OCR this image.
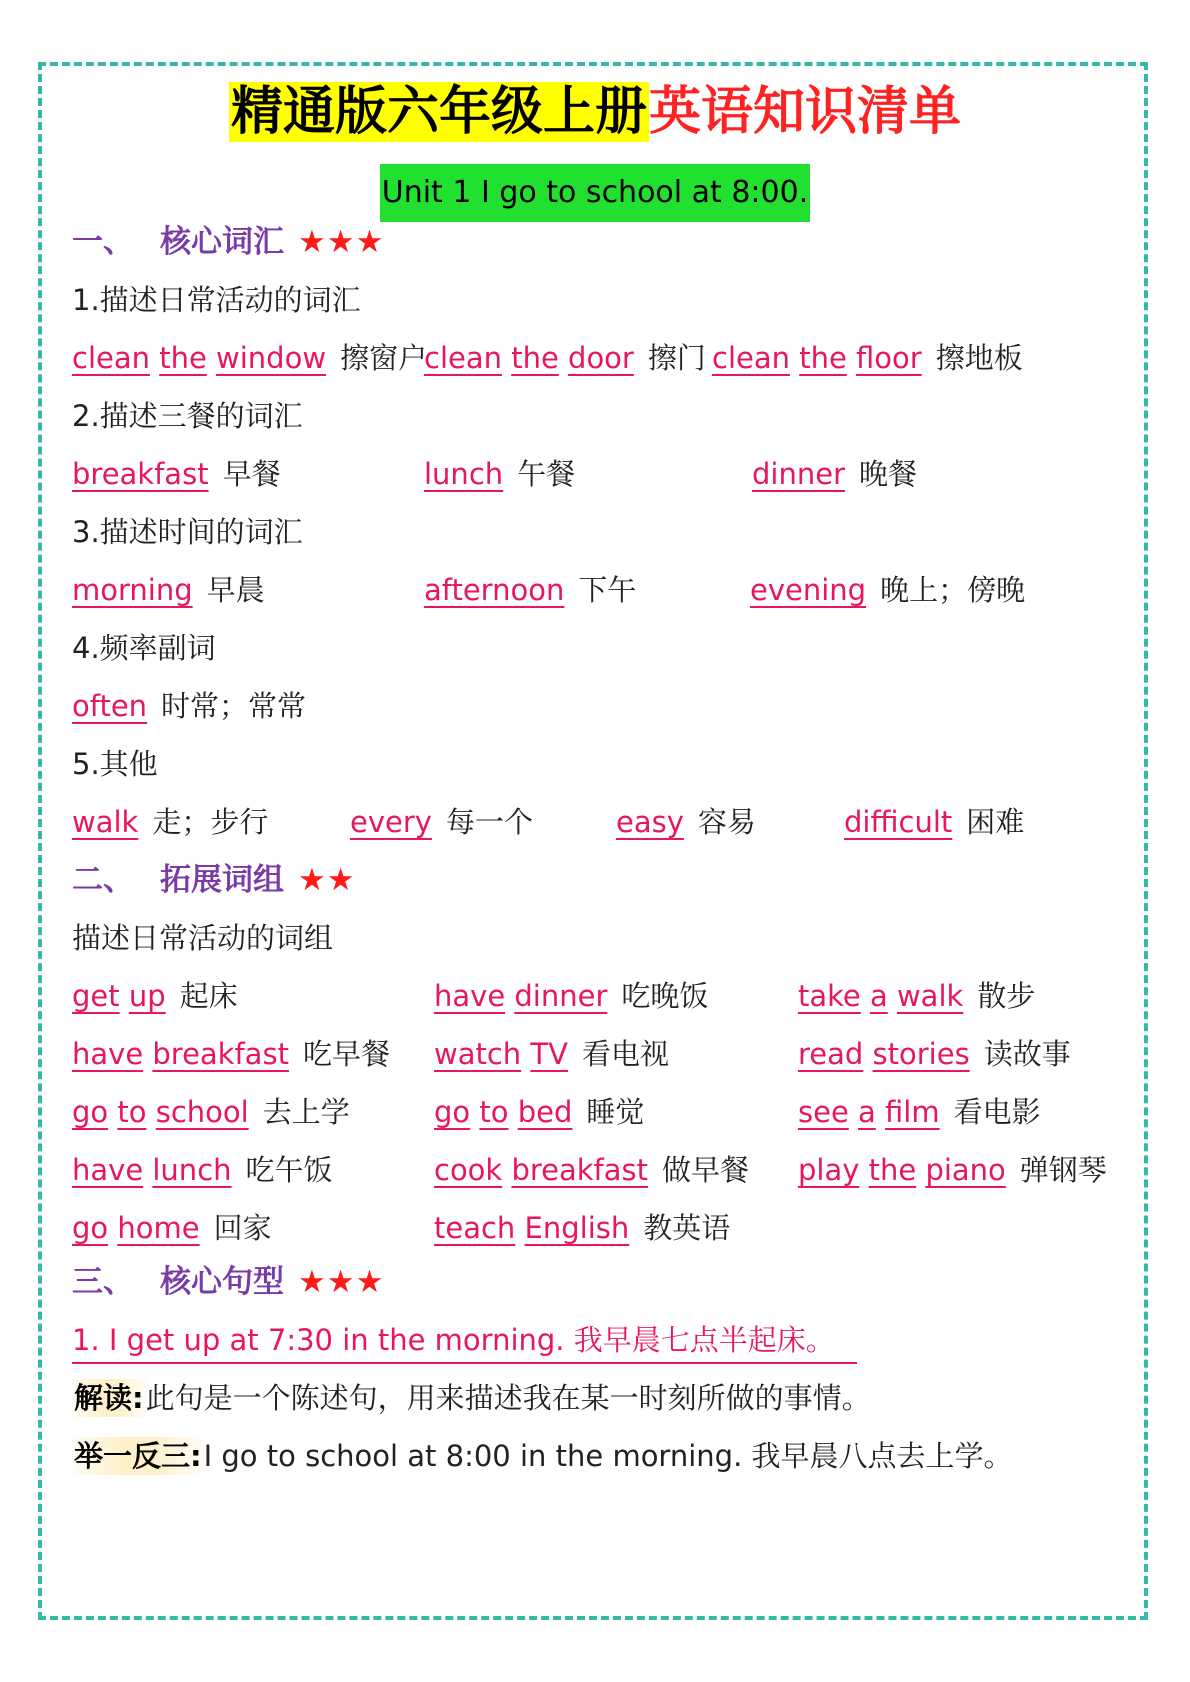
精通版六年级上册英语知识清单
Unit 1 I go to school at 8:00.
一、 核心词汇 ★★★
1.描述日常活动的词汇
clean the window 擦窗户
clean the door 擦门 clean the floor 擦地板
2.描述三餐的词汇
breakfast 早餐	lunch 午餐	dinner 晚餐
3.描述时间的词汇
morning 早晨	afternoon 下午	evening 晚上；傍晚
4.频率副词
often 时常；常常
5.其他
walk 走；步行	every 每一个	easy 容易	difficult 困难
二、 拓展词组 ★★
描述日常活动的词组
get up 起床	have dinner 吃晚饭	take a walk 散步
have breakfast 吃早餐 watch TV 看电视	read stories 读故事
go to school 去上学	go to bed 睡觉	see a film 看电影
have lunch 吃午饭	cook breakfast 做早餐 play the piano 弹钢琴
go home 回家	teach English 教英语
三、 核心句型 ★★★
1. I get up at 7:30 in the morning. 我早晨七点半起床。
解读:此句是一个陈述句，用来描述我在某一时刻所做的事情。
举一反三:I go to school at 8:00 in the morning. 我早晨八点去上学。
